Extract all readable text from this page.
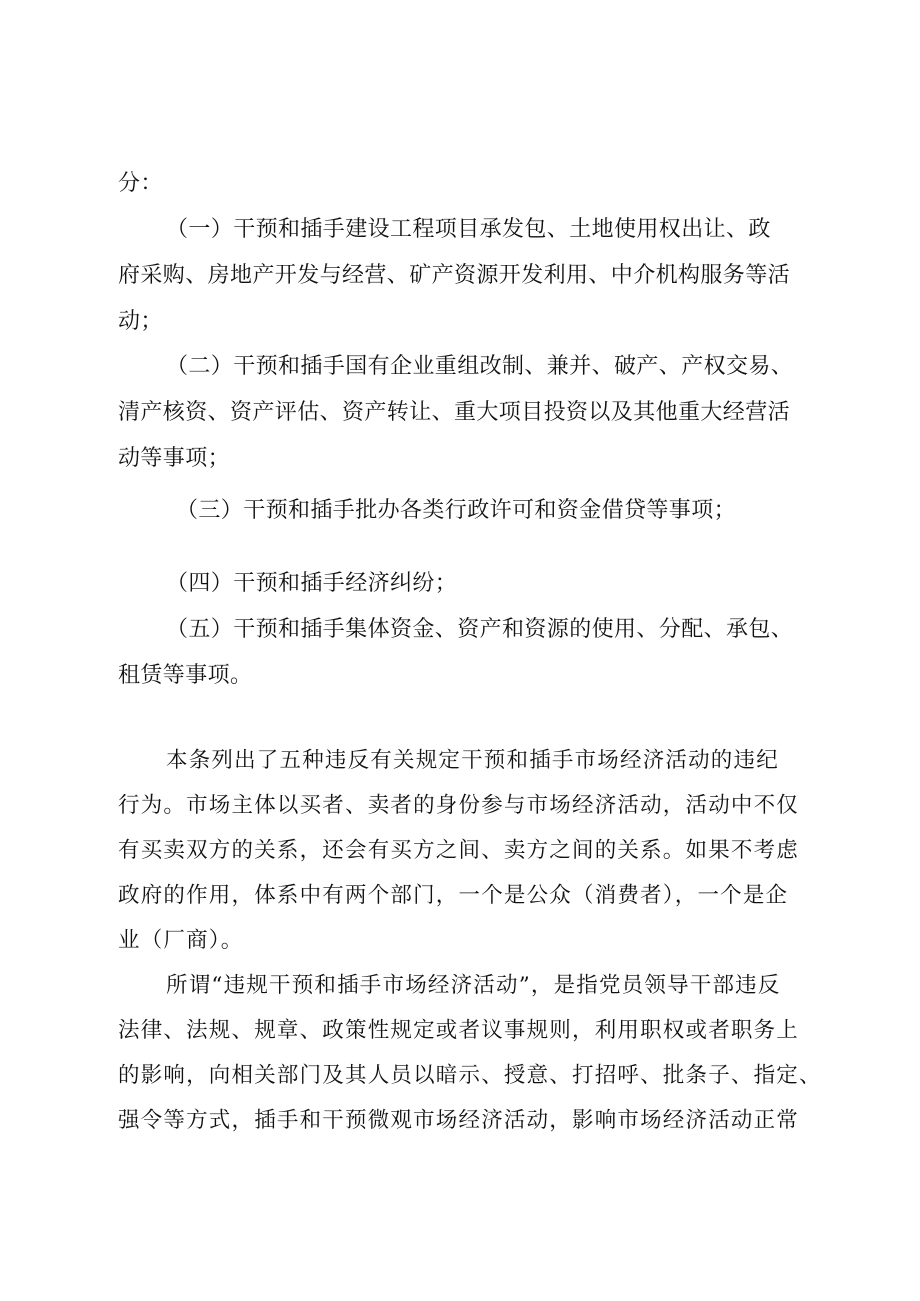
分：
（一）干预和插手建设工程项目承发包、土地使用权出让、政
府采购、房地产开发与经营、矿产资源开发利用、中介机构服务等活
动；
（二）干预和插手国有企业重组改制、兼并、破产、产权交易、
清产核资、资产评估、资产转让、重大项目投资以及其他重大经营活
动等事项；
（三）干预和插手批办各类行政许可和资金借贷等事项；
（四）干预和插手经济纠纷；
（五）干预和插手集体资金、资产和资源的使用、分配、承包、
租赁等事项。
本条列出了五种违反有关规定干预和插手市场经济活动的违纪
行为。市场主体以买者、卖者的身份参与市场经济活动，活动中不仅
有买卖双方的关系，还会有买方之间、卖方之间的关系。如果不考虑
政府的作用，体系中有两个部门，一个是公众（消费者），一个是企
业（厂商）。
所谓“违规干预和插手市场经济活动”，是指党员领导干部违反
法律、法规、规章、政策性规定或者议事规则，利用职权或者职务上
的影响，向相关部门及其人员以暗示、授意、打招呼、批条子、指定、
强令等方式，插手和干预微观市场经济活动，影响市场经济活动正常
